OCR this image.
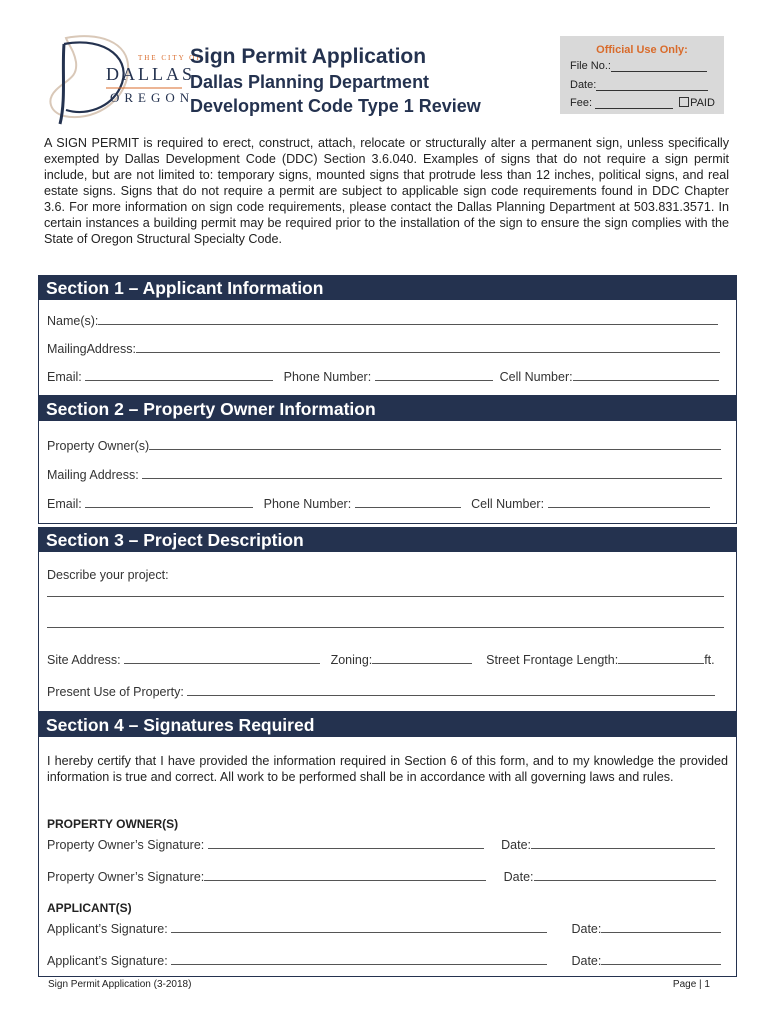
THE CITY OF
DALLAS
OREGON
Sign Permit Application
Dallas Planning Department
Development Code Type 1 Review
Official Use Only:
File No.:
Date:
Fee:	PAID
A SIGN PERMIT is required to erect, construct, attach, relocate or structurally alter a permanent sign, unless specifically exempted by Dallas Development Code (DDC) Section 3.6.040. Examples of signs that do not require a sign permit include, but are not limited to: temporary signs, mounted signs that protrude less than 12 inches, political signs, and real estate signs. Signs that do not require a permit are subject to applicable sign code requirements found in DDC Chapter 3.6. For more information on sign code requirements, please contact the Dallas Planning Department at 503.831.3571. In certain instances a building permit may be required prior to the installation of the sign to ensure the sign complies with the State of Oregon Structural Specialty Code.
Section 1 – Applicant Information
Name(s):
MailingAddress:
Email:	Phone Number:	Cell Number:
Section 2 – Property Owner Information
Property Owner(s)
Mailing Address:
Email:	Phone Number:	Cell Number:
Section 3 – Project Description
Describe your project:
Site Address:	Zoning:	Street Frontage Length:	ft.
Present Use of Property:
Section 4 – Signatures Required
I hereby certify that I have provided the information required in Section 6 of this form, and to my knowledge the provided information is true and correct. All work to be performed shall be in accordance with all governing laws and rules.
PROPERTY OWNER(S)
Property Owner’s Signature:	Date:
Property Owner’s Signature:	Date:
APPLICANT(S)
Applicant’s Signature:	Date:
Applicant’s Signature:	Date:
Sign Permit Application (3-2018)	Page | 1
